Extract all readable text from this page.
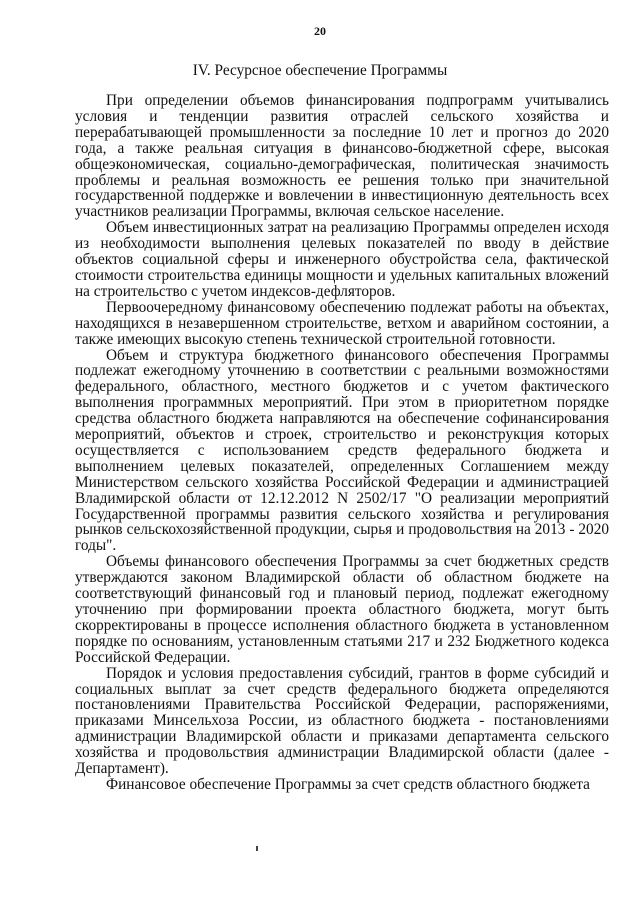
20
IV. Ресурсное обеспечение Программы

При определении объемов финансирования подпрограмм учитывались условия и тенденции развития отраслей сельского хозяйства и перерабатывающей промышленности за последние 10 лет и прогноз до 2020 года, а также реальная ситуация в финансово-бюджетной сфере, высокая общеэкономическая, социально-демографическая, политическая значимость проблемы и реальная возможность ее решения только при значительной государственной поддержке и вовлечении в инвестиционную деятельность всех участников реализации Программы, включая сельское население.

Объем инвестиционных затрат на реализацию Программы определен исходя из необходимости выполнения целевых показателей по вводу в действие объектов социальной сферы и инженерного обустройства села, фактической стоимости строительства единицы мощности и удельных капитальных вложений на строительство с учетом индексов-дефляторов.

Первоочередному финансовому обеспечению подлежат работы на объектах, находящихся в незавершенном строительстве, ветхом и аварийном состоянии, а также имеющих высокую степень технической строительной готовности.

Объем и структура бюджетного финансового обеспечения Программы подлежат ежегодному уточнению в соответствии с реальными возможностями федерального, областного, местного бюджетов и с учетом фактического выполнения программных мероприятий. При этом в приоритетном порядке средства областного бюджета направляются на обеспечение софинансирования мероприятий, объектов и строек, строительство и реконструкция которых осуществляется с использованием средств федерального бюджета и выполнением целевых показателей, определенных Соглашением между Министерством сельского хозяйства Российской Федерации и администрацией Владимирской области от 12.12.2012 N 2502/17 "О реализации мероприятий Государственной программы развития сельского хозяйства и регулирования рынков сельскохозяйственной продукции, сырья и продовольствия на 2013 - 2020 годы".

Объемы финансового обеспечения Программы за счет бюджетных средств утверждаются законом Владимирской области об областном бюджете на соответствующий финансовый год и плановый период, подлежат ежегодному уточнению при формировании проекта областного бюджета, могут быть скорректированы в процессе исполнения областного бюджета в установленном порядке по основаниям, установленным статьями 217 и 232 Бюджетного кодекса Российской Федерации.

Порядок и условия предоставления субсидий, грантов в форме субсидий и социальных выплат за счет средств федерального бюджета определяются постановлениями Правительства Российской Федерации, распоряжениями, приказами Минсельхоза России, из областного бюджета - постановлениями администрации Владимирской области и приказами департамента сельского хозяйства и продовольствия администрации Владимирской области (далее - Департамент).

Финансовое обеспечение Программы за счет средств областного бюджета
